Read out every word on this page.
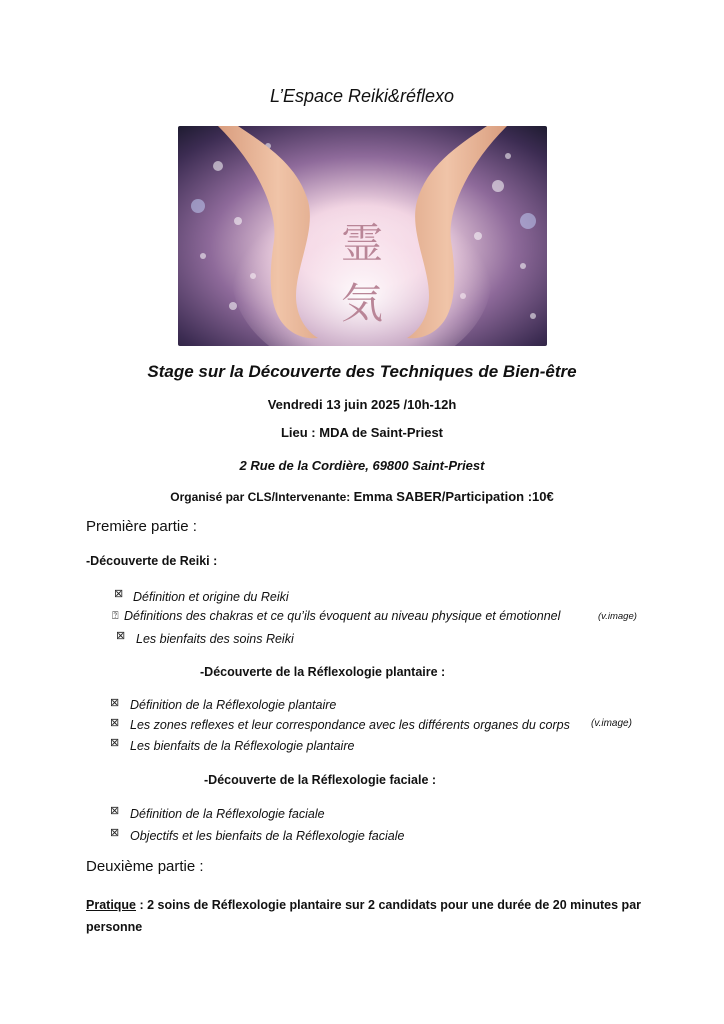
L’Espace Reiki&réflexo
霊
気
Stage sur la Découverte des Techniques de Bien-être
Vendredi 13 juin 2025 /10h-12h
Lieu : MDA de Saint-Priest
2 Rue de la Cordière, 69800 Saint-Priest
Organisé par CLS/Intervenante: Emma SABER/Participation :10€
Première partie :
-Découverte de Reiki :
⊠ Définition et origine du Reiki
⍰ Définitions des chakras et ce qu’ils évoquent au niveau physique et émotionnel	(v.image)
⊠ Les bienfaits des soins Reiki
-Découverte de la Réflexologie plantaire :
⊠ Définition de la Réflexologie plantaire
⊠ Les zones reflexes et leur correspondance avec les différents organes du corps (v.image)
⊠ Les bienfaits de la Réflexologie plantaire
-Découverte de la Réflexologie faciale :
⊠ Définition de la Réflexologie faciale
⊠ Objectifs et les bienfaits de la Réflexologie faciale
Deuxième partie :
Pratique : 2 soins de Réflexologie plantaire sur 2 candidats pour une durée de 20 minutes par personne
